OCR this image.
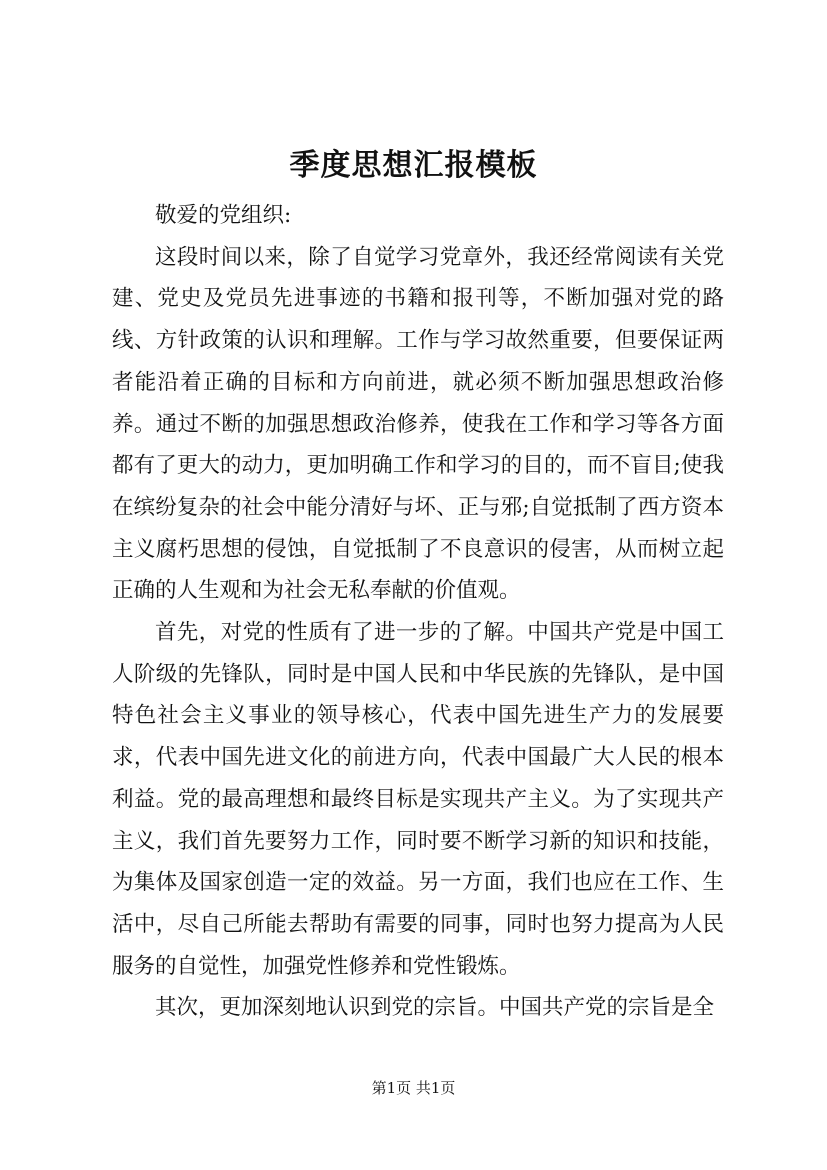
季度思想汇报模板

敬爱的党组织:

这段时间以来，除了自觉学习党章外，我还经常阅读有关党建、党史及党员先进事迹的书籍和报刊等，不断加强对党的路线、方针政策的认识和理解。工作与学习故然重要，但要保证两者能沿着正确的目标和方向前进，就必须不断加强思想政治修养。通过不断的加强思想政治修养，使我在工作和学习等各方面都有了更大的动力，更加明确工作和学习的目的，而不盲目;使我在缤纷复杂的社会中能分清好与坏、正与邪;自觉抵制了西方资本主义腐朽思想的侵蚀，自觉抵制了不良意识的侵害，从而树立起正确的人生观和为社会无私奉献的价值观。

首先，对党的性质有了进一步的了解。中国共产党是中国工人阶级的先锋队，同时是中国人民和中华民族的先锋队，是中国特色社会主义事业的领导核心，代表中国先进生产力的发展要求，代表中国先进文化的前进方向，代表中国最广大人民的根本利益。党的最高理想和最终目标是实现共产主义。为了实现共产主义，我们首先要努力工作，同时要不断学习新的知识和技能，为集体及国家创造一定的效益。另一方面，我们也应在工作、生活中，尽自己所能去帮助有需要的同事，同时也努力提高为人民服务的自觉性，加强党性修养和党性锻炼。

其次，更加深刻地认识到党的宗旨。中国共产党的宗旨是全

第1页 共1页
